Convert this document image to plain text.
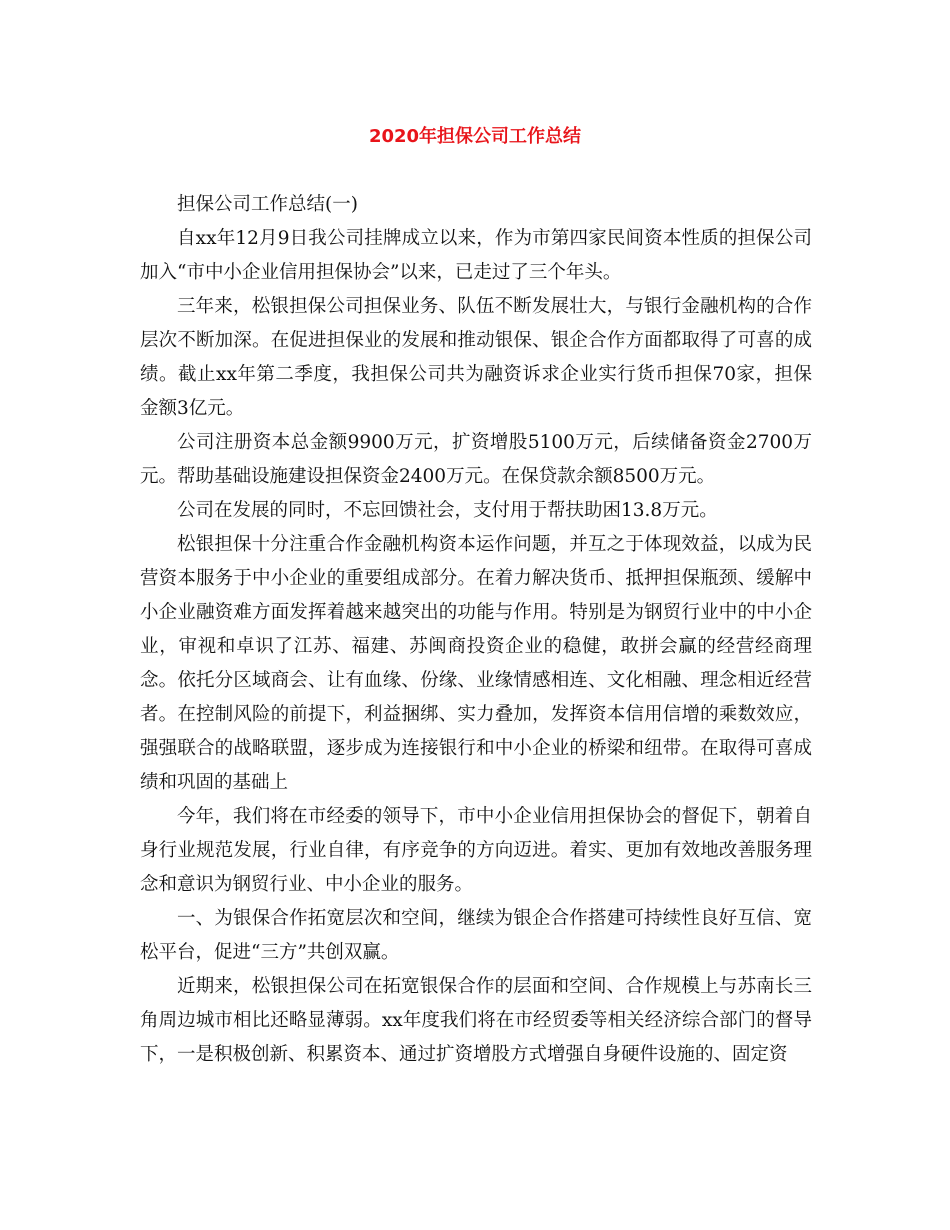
2020年担保公司工作总结

担保公司工作总结(一)

自xx年12月9日我公司挂牌成立以来，作为市第四家民间资本性质的担保公司加入“市中小企业信用担保协会”以来，已走过了三个年头。

三年来，松银担保公司担保业务、队伍不断发展壮大，与银行金融机构的合作层次不断加深。在促进担保业的发展和推动银保、银企合作方面都取得了可喜的成绩。截止xx年第二季度，我担保公司共为融资诉求企业实行货币担保70家，担保金额3亿元。

公司注册资本总金额9900万元，扩资增股5100万元，后续储备资金2700万元。帮助基础设施建设担保资金2400万元。在保贷款余额8500万元。

公司在发展的同时，不忘回馈社会，支付用于帮扶助困13.8万元。

松银担保十分注重合作金融机构资本运作问题，并互之于体现效益，以成为民营资本服务于中小企业的重要组成部分。在着力解决货币、抵押担保瓶颈、缓解中小企业融资难方面发挥着越来越突出的功能与作用。特别是为钢贸行业中的中小企业，审视和卓识了江苏、福建、苏闽商投资企业的稳健，敢拼会赢的经营经商理念。依托分区域商会、让有血缘、份缘、业缘情感相连、文化相融、理念相近经营者。在控制风险的前提下，利益捆绑、实力叠加，发挥资本信用信增的乘数效应，强强联合的战略联盟，逐步成为连接银行和中小企业的桥梁和纽带。在取得可喜成绩和巩固的基础上

今年，我们将在市经委的领导下，市中小企业信用担保协会的督促下，朝着自身行业规范发展，行业自律，有序竞争的方向迈进。着实、更加有效地改善服务理念和意识为钢贸行业、中小企业的服务。

一、为银保合作拓宽层次和空间，继续为银企合作搭建可持续性良好互信、宽松平台，促进“三方”共创双赢。

近期来，松银担保公司在拓宽银保合作的层面和空间、合作规模上与苏南长三角周边城市相比还略显薄弱。xx年度我们将在市经贸委等相关经济综合部门的督导下，一是积极创新、积累资本、通过扩资增股方式增强自身硬件设施的、固定资
